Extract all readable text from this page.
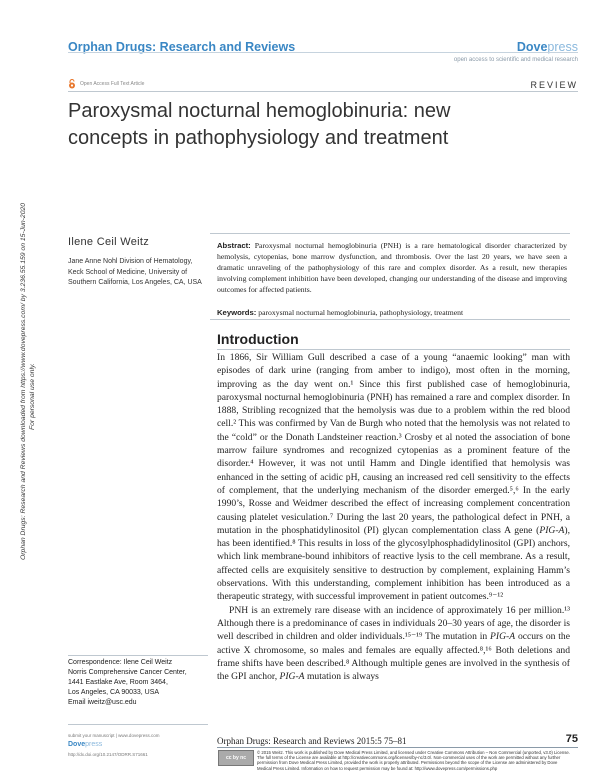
Orphan Drugs: Research and Reviews	Dovepress
open access to scientific and medical research
Open Access Full Text Article	REVIEW
Paroxysmal nocturnal hemoglobinuria: new concepts in pathophysiology and treatment
Orphan Drugs: Research and Reviews downloaded from https://www.dovepress.com/ by 3.236.55.159 on 15-Jun-2020 For personal use only.
Ilene Ceil Weitz
Jane Anne Nohl Division of Hematology, Keck School of Medicine, University of Southern California, Los Angeles, CA, USA
Abstract: Paroxysmal nocturnal hemoglobinuria (PNH) is a rare hematological disorder characterized by hemolysis, cytopenias, bone marrow dysfunction, and thrombosis. Over the last 20 years, we have seen a dramatic unraveling of the pathophysiology of this rare and complex disorder. As a result, new therapies involving complement inhibition have been developed, changing our understanding of the disease and improving outcomes for affected patients.
Keywords: paroxysmal nocturnal hemoglobinuria, pathophysiology, treatment
Introduction

In 1866, Sir William Gull described a case of a young “anaemic looking” man with episodes of dark urine (ranging from amber to indigo), most often in the morning, improving as the day went on.¹ Since this first published case of hemoglobinuria, paroxysmal nocturnal hemoglobinuria (PNH) has remained a rare and complex disorder. In 1888, Stribling recognized that the hemolysis was due to a problem within the red blood cell.² This was confirmed by Van de Burgh who noted that the hemolysis was not related to the “cold” or the Donath Landsteiner reaction.³ Crosby et al noted the association of bone marrow failure syndromes and recognized cytopenias as a prominent feature of the disorder.⁴ However, it was not until Hamm and Dingle identified that hemolysis was enhanced in the setting of acidic pH, causing an increased red cell sensitivity to the effects of complement, that the underlying mechanism of the disorder emerged.⁵,⁶ In the early 1990’s, Rosse and Weidmer described the effect of increasing complement concentration causing platelet vesiculation.⁷ During the last 20 years, the pathological defect in PNH, a mutation in the phosphatidylinositol (PI) glycan complementation class A gene (PIG-A), has been identified.⁸ This results in loss of the glycosylphosphadidylinositol (GPI) anchors, which link membrane-bound inhibitors of reactive lysis to the cell membrane. As a result, affected cells are exquisitely sensitive to destruction by complement, explaining Hamm’s observations. With this understanding, complement inhibition has been introduced as a therapeutic strategy, with successful improvement in patient outcomes.⁹⁻¹²

PNH is an extremely rare disease with an incidence of approximately 16 per million.¹³ Although there is a predominance of cases in individuals 20–30 years of age, the disorder is well described in children and older individuals.¹⁵⁻¹⁹ The mutation in PIG-A occurs on the active X chromosome, so males and females are equally affected.⁸,¹⁶ Both deletions and frame shifts have been described.⁸ Although multiple genes are involved in the synthesis of the GPI anchor, PIG-A mutation is always

Correspondence: Ilene Ceil Weitz
Norris Comprehensive Cancer Center,
1441 Eastlake Ave, Room 3464,
Los Angeles, CA 90033, USA
Email iweitz@usc.edu
submit your manuscript | www.dovepress.com
Dovepress
http://dx.doi.org/10.2147/ODRR.S71661
Orphan Drugs: Research and Reviews 2015:5 75–81	75
cc by nc
© 2015 Weitz. This work is published by Dove Medical Press Limited, and licensed under Creative Commons Attribution – Non Commercial (unported, v3.0) License. The full terms of the License are available at http://creativecommons.org/licenses/by-nc/3.0/. Non-commercial uses of the work are permitted without any further permission from Dove Medical Press Limited, provided the work is properly attributed. Permissions beyond the scope of the License are administered by Dove Medical Press Limited. Information on how to request permission may be found at: http://www.dovepress.com/permissions.php
